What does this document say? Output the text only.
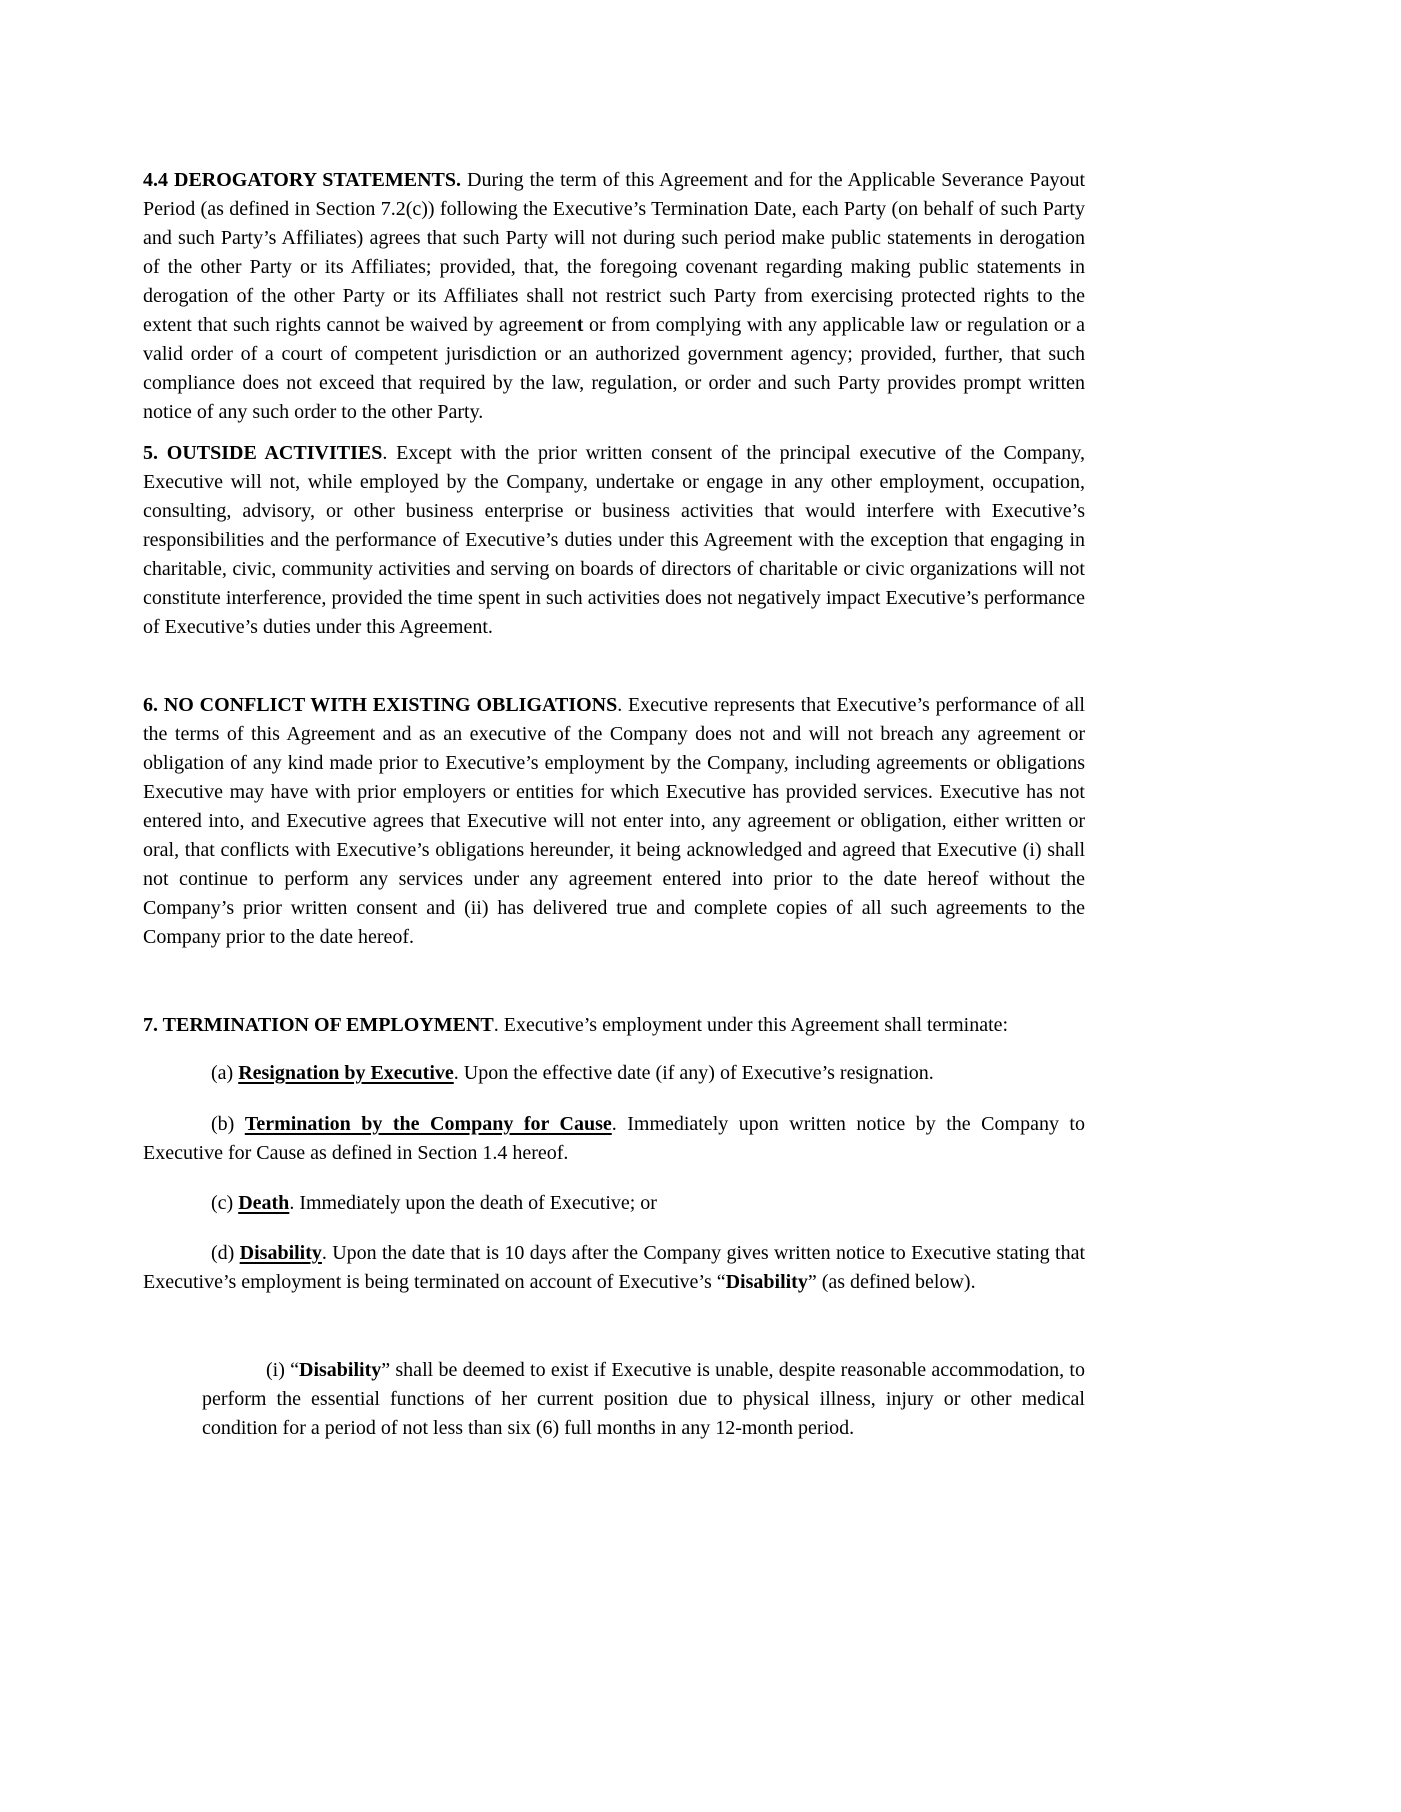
4.4 DEROGATORY STATEMENTS. During the term of this Agreement and for the Applicable Severance Payout Period (as defined in Section 7.2(c)) following the Executive’s Termination Date, each Party (on behalf of such Party and such Party’s Affiliates) agrees that such Party will not during such period make public statements in derogation of the other Party or its Affiliates; provided, that, the foregoing covenant regarding making public statements in derogation of the other Party or its Affiliates shall not restrict such Party from exercising protected rights to the extent that such rights cannot be waived by agreement or from complying with any applicable law or regulation or a valid order of a court of competent jurisdiction or an authorized government agency; provided, further, that such compliance does not exceed that required by the law, regulation, or order and such Party provides prompt written notice of any such order to the other Party.

5. OUTSIDE ACTIVITIES. Except with the prior written consent of the principal executive of the Company, Executive will not, while employed by the Company, undertake or engage in any other employment, occupation, consulting, advisory, or other business enterprise or business activities that would interfere with Executive’s responsibilities and the performance of Executive’s duties under this Agreement with the exception that engaging in charitable, civic, community activities and serving on boards of directors of charitable or civic organizations will not constitute interference, provided the time spent in such activities does not negatively impact Executive’s performance of Executive’s duties under this Agreement.

6. NO CONFLICT WITH EXISTING OBLIGATIONS. Executive represents that Executive’s performance of all the terms of this Agreement and as an executive of the Company does not and will not breach any agreement or obligation of any kind made prior to Executive’s employment by the Company, including agreements or obligations Executive may have with prior employers or entities for which Executive has provided services. Executive has not entered into, and Executive agrees that Executive will not enter into, any agreement or obligation, either written or oral, that conflicts with Executive’s obligations hereunder, it being acknowledged and agreed that Executive (i) shall not continue to perform any services under any agreement entered into prior to the date hereof without the Company’s prior written consent and (ii) has delivered true and complete copies of all such agreements to the Company prior to the date hereof.

7. TERMINATION OF EMPLOYMENT. Executive’s employment under this Agreement shall terminate:

(a) Resignation by Executive. Upon the effective date (if any) of Executive’s resignation.

(b) Termination by the Company for Cause. Immediately upon written notice by the Company to Executive for Cause as defined in Section 1.4 hereof.

(c) Death. Immediately upon the death of Executive; or

(d) Disability. Upon the date that is 10 days after the Company gives written notice to Executive stating that Executive’s employment is being terminated on account of Executive’s “Disability” (as defined below).

(i) “Disability” shall be deemed to exist if Executive is unable, despite reasonable accommodation, to perform the essential functions of her current position due to physical illness, injury or other medical condition for a period of not less than six (6) full months in any 12-month period.
